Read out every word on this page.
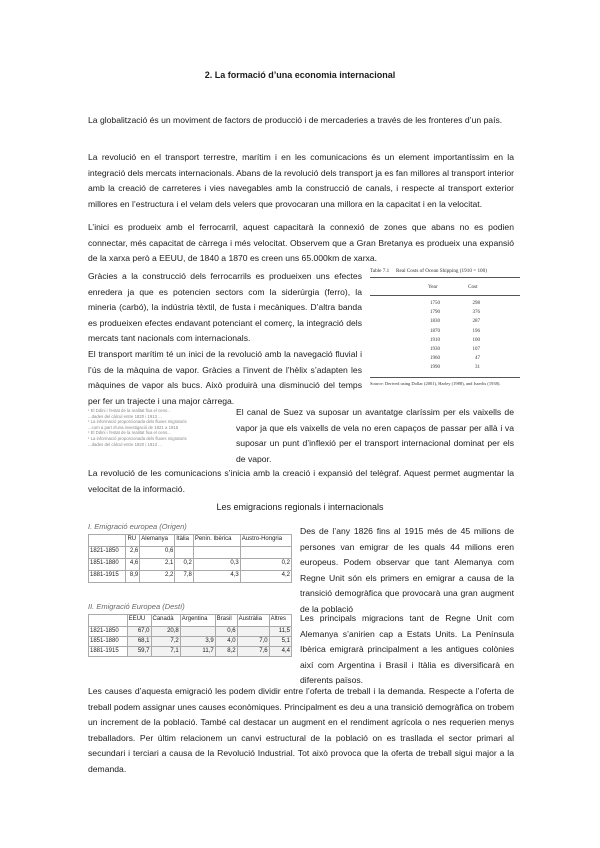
2. La formació d’una economia internacional
La globalització és un moviment de factors de producció i de mercaderies a través de les fronteres d’un país.
La revolució en el transport terrestre, marítim i en les comunicacions és un element importantíssim en la integració dels mercats internacionals. Abans de la revolució dels transport ja es fan millores al transport interior amb la creació de carreteres i vies navegables amb la construcció de canals, i respecte al transport exterior millores en l’estructura i el velam dels velers que provocaran una millora en la capacitat i en la velocitat.
L’inici es produeix amb el ferrocarril, aquest capacitarà la connexió de zones que abans no es podien connectar, més capacitat de càrrega i més velocitat. Observem que a Gran Bretanya es produeix una expansió de la xarxa però a EEUU, de 1840 a 1870 es creen uns 65.000km de xarxa.
Gràcies a la construcció dels ferrocarrils es produeixen uns efectes enredera ja que es potencien sectors com la siderúrgia (ferro), la mineria (carbó), la indústria tèxtil, de fusta i mecàniques. D’altra banda es produeixen efectes endavant potenciant el comerç, la integració dels mercats tant nacionals com internacionals.
El transport marítim té un inici de la revolució amb la navegació fluvial i l’ús de la màquina de vapor. Gràcies a l’invent de l’hèlix s’adapten les màquines de vapor als bucs. Això produirà una disminució del temps per fer un trajecte i una major càrrega.
Table 7.1 Real Costs of Ocean Shipping (1910 = 100)
Year	Cost
1750	298
1790	376
1830	287
1870	196
1910	100
1930	107
1960	47
1990	31
Source: Derived using Dollar (2001), Harley (1988), and Isserlis (1938).
¹ El Ddini i l'estat de la realitat fixa el cens...
...dades del càlcul entre 1820 i 1913 ...
¹ La informació proporcionada dels fluxes migratoris
...com a part d'una investigació de 1821 a 1915
¹ El Ddini i l'estat de la realitat fixa el cens...
¹ La informació proporcionada dels fluxes migratoris
...dades del càlcul entre 1820 i 1913 ...
El canal de Suez va suposar un avantatge claríssim per els vaixells de vapor ja que els vaixells de vela no eren capaços de passar per allà i va suposar un punt d’inflexió per el transport internacional dominat per els de vapor.
La revolució de les comunicacions s’inicia amb la creació i expansió del telègraf. Aquest permet augmentar la velocitat de la informació.
Les emigracions regionals i internacionals
I. Emigració europea (Origen)
	RU	Alemanya	Itàlia	Penin. Ibèrica	Austro-Hongria
1821-1850	2,6	0,6			
1851-1880	4,6	2,1	0,2	0,3	0,2
1881-1915	8,9	2,2	7,8	4,3	4,2
II. Emigració Europea (Destí)
	EEUU	Canadà	Argentina	Brasil	Austràlia	Altres
1821-1850	67,0	20,8		0,6		11,5
1851-1880	68,1	7,2	3,9	4,0	7,0	5,1
1881-1915	59,7	7,1	11,7	8,2	7,6	4,4
Des de l’any 1826 fins al 1915 més de 45 milions de persones van emigrar de les quals 44 milions eren europeus. Podem observar que tant Alemanya com Regne Unit són els primers en emigrar a causa de la transició demogràfica que provocarà una gran augment de la població
Les principals migracions tant de Regne Unit com Alemanya s’anirien cap a Estats Units. La Península Ibèrica emigrarà principalment a les antigues colònies així com Argentina i Brasil i Itàlia es diversificarà en diferents països.
Les causes d’aquesta emigració les podem dividir entre l’oferta de treball i la demanda. Respecte a l’oferta de treball podem assignar unes causes econòmiques. Principalment es deu a una transició demogràfica on trobem un increment de la població. També cal destacar un augment en el rendiment agrícola o nes requerien menys treballadors. Per últim relacionem un canvi estructural de la població on es trasllada el sector primari al secundari i terciari a causa de la Revolució Industrial. Tot això provoca que la oferta de treball sigui major a la demanda.
